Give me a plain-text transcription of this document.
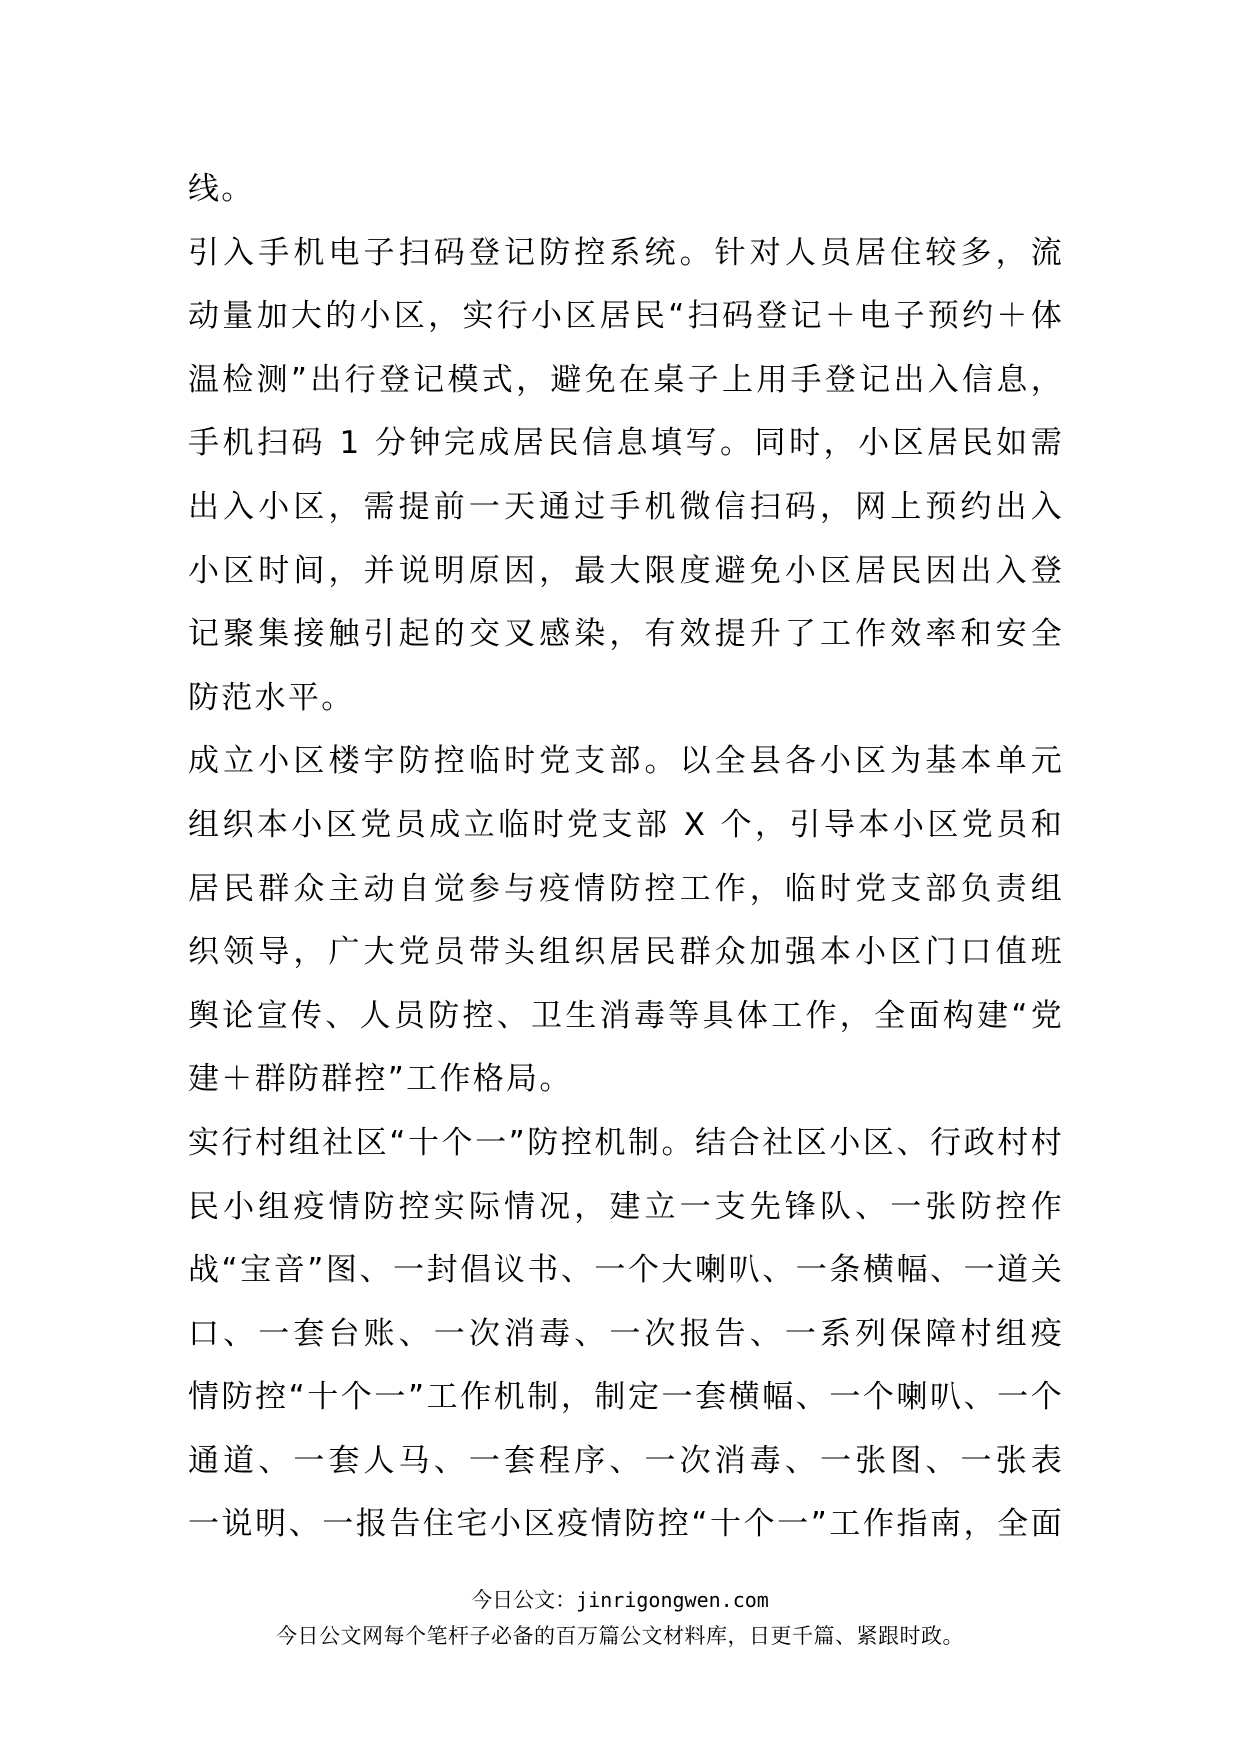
线。
引入手机电子扫码登记防控系统。针对人员居住较多，流
动量加大的小区，实行小区居民“扫码登记＋电子预约＋体
温检测”出行登记模式，避免在桌子上用手登记出入信息，
手机扫码 1 分钟完成居民信息填写。同时，小区居民如需
出入小区，需提前一天通过手机微信扫码，网上预约出入
小区时间，并说明原因，最大限度避免小区居民因出入登
记聚集接触引起的交叉感染，有效提升了工作效率和安全
防范水平。
成立小区楼宇防控临时党支部。以全县各小区为基本单元
组织本小区党员成立临时党支部 X 个，引导本小区党员和
居民群众主动自觉参与疫情防控工作，临时党支部负责组
织领导，广大党员带头组织居民群众加强本小区门口值班
舆论宣传、人员防控、卫生消毒等具体工作，全面构建“党
建＋群防群控”工作格局。
实行村组社区“十个一”防控机制。结合社区小区、行政村村
民小组疫情防控实际情况，建立一支先锋队、一张防控作
战“宝音”图、一封倡议书、一个大喇叭、一条横幅、一道关
口、一套台账、一次消毒、一次报告、一系列保障村组疫
情防控“十个一”工作机制，制定一套横幅、一个喇叭、一个
通道、一套人马、一套程序、一次消毒、一张图、一张表
一说明、一报告住宅小区疫情防控“十个一”工作指南，全面
今日公文：jinrigongwen.com
今日公文网每个笔杆子必备的百万篇公文材料库，日更千篇、紧跟时政。
